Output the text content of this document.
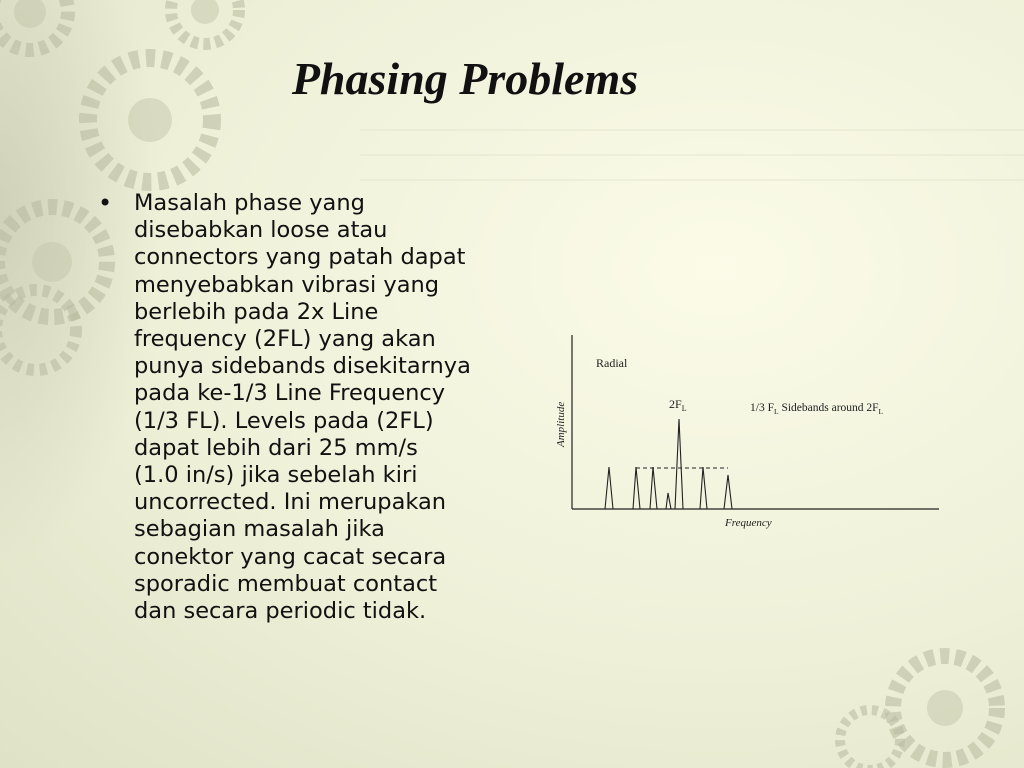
Phasing Problems
• Masalah phase yang
disebabkan loose atau
connectors yang patah dapat
menyebabkan vibrasi yang
berlebih pada 2x Line
frequency (2FL) yang akan
punya sidebands disekitarnya
pada ke-1/3 Line Frequency
(1/3 FL). Levels pada (2FL)
dapat lebih dari 25 mm/s
(1.0 in/s) jika sebelah kiri
uncorrected. Ini merupakan
sebagian masalah jika
conektor yang cacat secara
sporadic membuat contact
dan secara periodic tidak.
Radial
$2F_L$	1/3 $F_L$ Sidebands around $2F_L$
Amplitude
Frequency
